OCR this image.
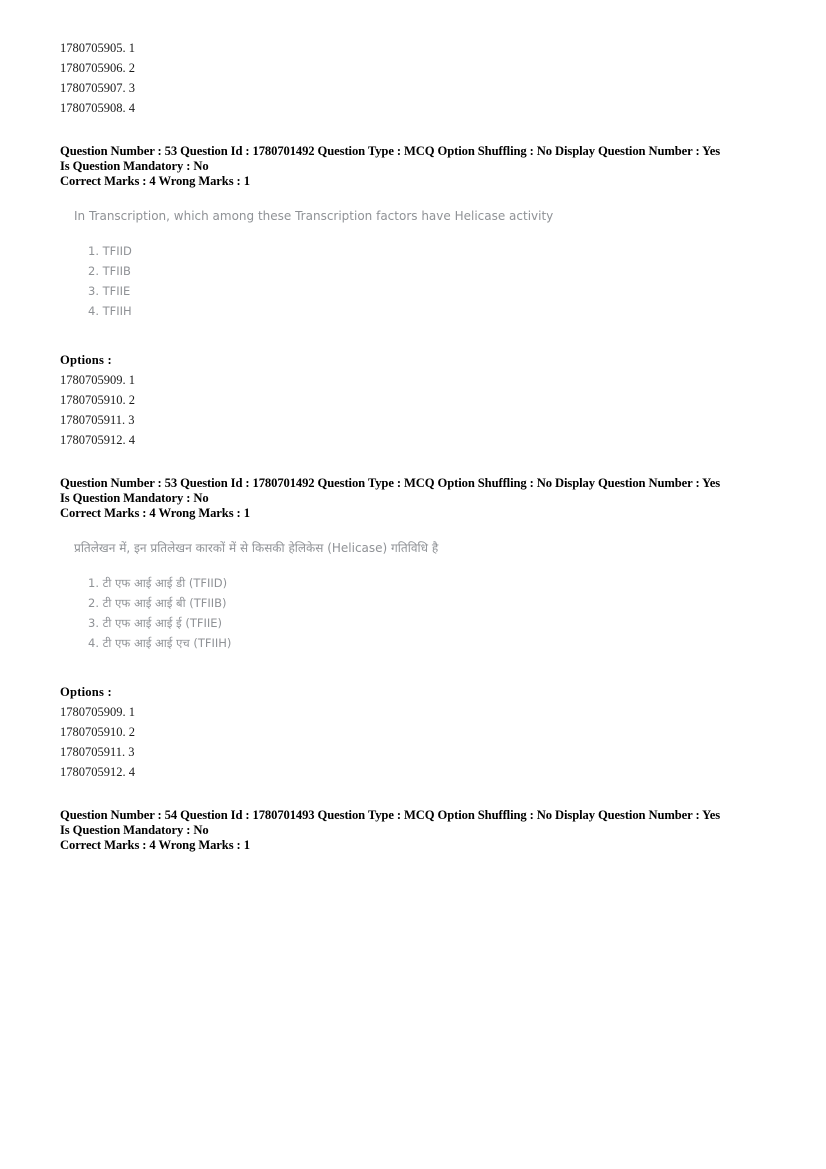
1780705905. 1
1780705906. 2
1780705907. 3
1780705908. 4
Question Number : 53 Question Id : 1780701492 Question Type : MCQ Option Shuffling : No Display Question Number : Yes
Is Question Mandatory : No
Correct Marks : 4 Wrong Marks : 1
In Transcription, which among these Transcription factors have Helicase activity
1. TFIID
2. TFIIB
3. TFIIE
4. TFIIH
Options :
1780705909. 1
1780705910. 2
1780705911. 3
1780705912. 4
Question Number : 53 Question Id : 1780701492 Question Type : MCQ Option Shuffling : No Display Question Number : Yes
Is Question Mandatory : No
Correct Marks : 4 Wrong Marks : 1
प्रतिलेखन में, इन प्रतिलेखन कारकों में से किसकी हेलिकेस (Helicase) गतिविधि है
1. टी एफ आई आई डी (TFIID)
2. टी एफ आई आई बी (TFIIB)
3. टी एफ आई आई ई (TFIIE)
4. टी एफ आई आई एच (TFIIH)
Options :
1780705909. 1
1780705910. 2
1780705911. 3
1780705912. 4
Question Number : 54 Question Id : 1780701493 Question Type : MCQ Option Shuffling : No Display Question Number : Yes
Is Question Mandatory : No
Correct Marks : 4 Wrong Marks : 1
